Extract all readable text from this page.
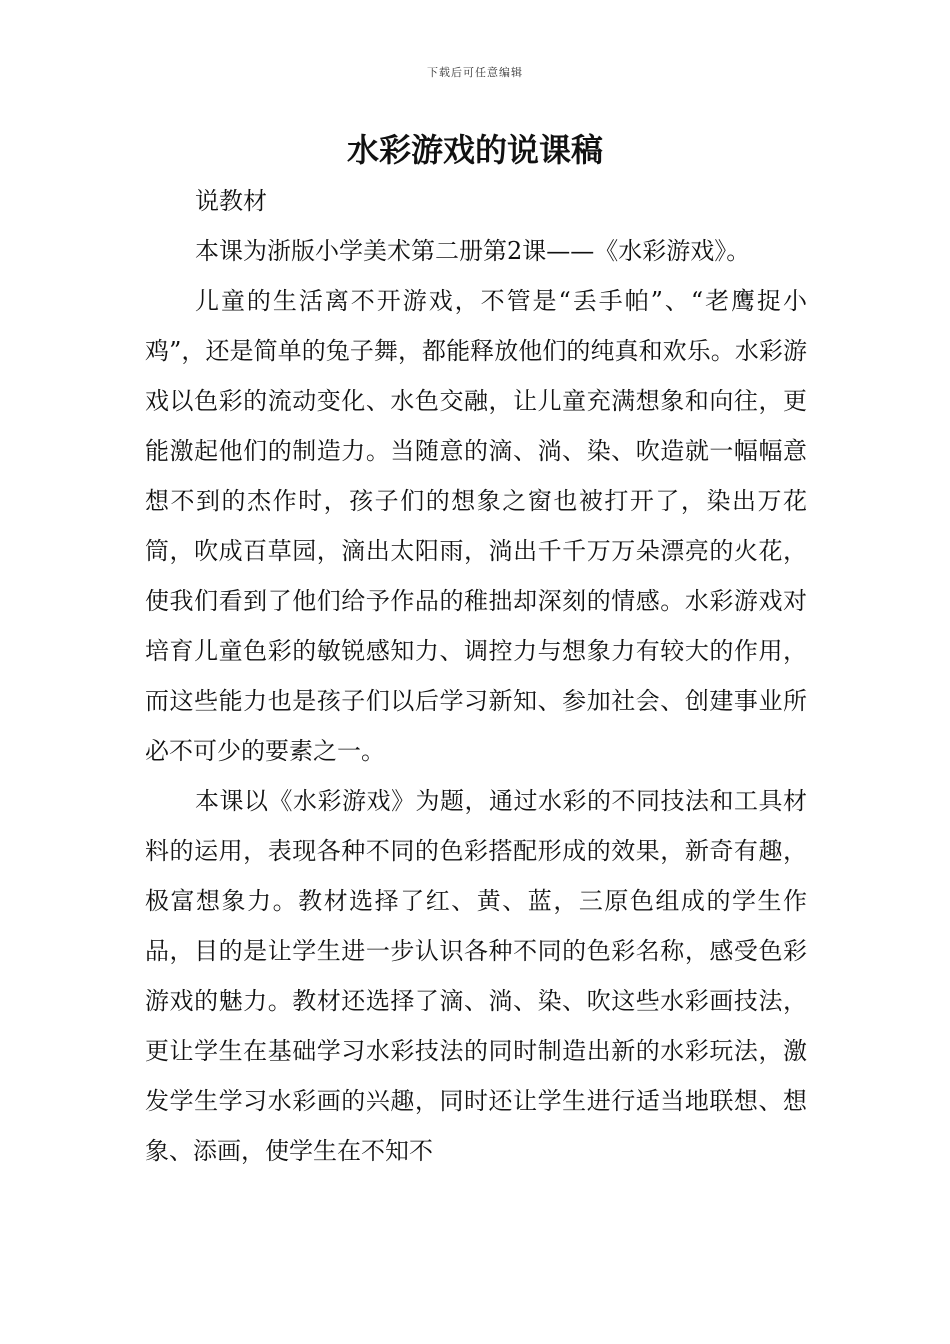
下载后可任意编辑
水彩游戏的说课稿

说教材

本课为浙版小学美术第二册第2课——《水彩游戏》。

儿童的生活离不开游戏，不管是“丢手帕”、“老鹰捉小鸡”，还是简单的兔子舞，都能释放他们的纯真和欢乐。水彩游戏以色彩的流动变化、水色交融，让儿童充满想象和向往，更能激起他们的制造力。当随意的滴、淌、染、吹造就一幅幅意想不到的杰作时，孩子们的想象之窗也被打开了，染出万花筒，吹成百草园，滴出太阳雨，淌出千千万万朵漂亮的火花，使我们看到了他们给予作品的稚拙却深刻的情感。水彩游戏对培育儿童色彩的敏锐感知力、调控力与想象力有较大的作用，而这些能力也是孩子们以后学习新知、参加社会、创建事业所必不可少的要素之一。

本课以《水彩游戏》为题，通过水彩的不同技法和工具材料的运用，表现各种不同的色彩搭配形成的效果，新奇有趣，极富想象力。教材选择了红、黄、蓝，三原色组成的学生作品，目的是让学生进一步认识各种不同的色彩名称，感受色彩游戏的魅力。教材还选择了滴、淌、染、吹这些水彩画技法，更让学生在基础学习水彩技法的同时制造出新的水彩玩法，激发学生学习水彩画的兴趣，同时还让学生进行适当地联想、想象、添画，使学生在不知不
